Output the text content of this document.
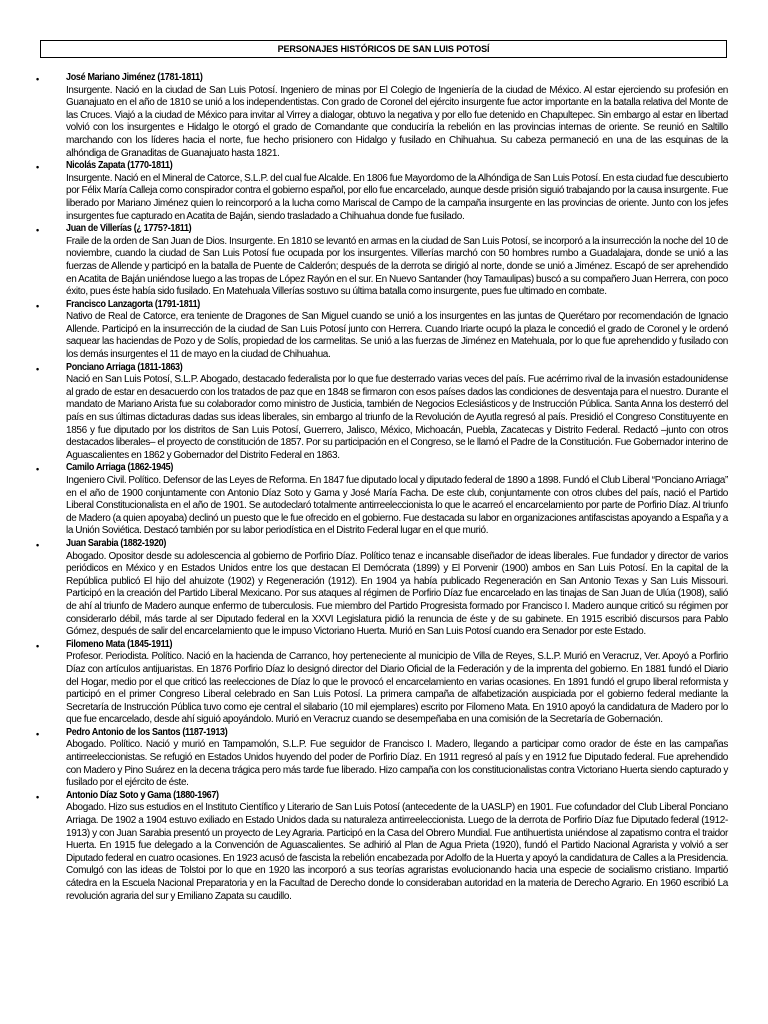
PERSONAJES HISTÓRICOS DE SAN LUIS POTOSÍ
•	José Mariano Jiménez (1781-1811)
Insurgente. Nació en la ciudad de San Luis Potosí. Ingeniero de minas por El Colegio de Ingeniería de la ciudad de México. Al estar ejerciendo su profesión en Guanajuato en el año de 1810 se unió a los independentistas. Con grado de Coronel del ejército insurgente fue actor importante en la batalla relativa del Monte de las Cruces. Viajó a la ciudad de México para invitar al Virrey a dialogar, obtuvo la negativa y por ello fue detenido en Chapultepec. Sin embargo al estar en libertad volvió con los insurgentes e Hidalgo le otorgó el grado de Comandante que conduciría la rebelión en las provincias internas de oriente. Se reunió en Saltillo marchando con los líderes hacia el norte, fue hecho prisionero con Hidalgo y fusilado en Chihuahua. Su cabeza permaneció en una de las esquinas de la alhóndiga de Granaditas de Guanajuato hasta 1821.
•	Nicolás Zapata (1770-1811)
Insurgente. Nació en el Mineral de Catorce, S.L.P. del cual fue Alcalde. En 1806 fue Mayordomo de la Alhóndiga de San Luis Potosí. En esta ciudad fue descubierto por Félix María Calleja como conspirador contra el gobierno español, por ello fue encarcelado, aunque desde prisión siguió trabajando por la causa insurgente. Fue liberado por Mariano Jiménez quien lo reincorporó a la lucha como Mariscal de Campo de la campaña insurgente en las provincias de oriente. Junto con los jefes insurgentes fue capturado en Acatita de Baján, siendo trasladado a Chihuahua donde fue fusilado.
•	Juan de Villerías (¿ 1775?-1811)
Fraile de la orden de San Juan de Dios. Insurgente. En 1810 se levantó en armas en la ciudad de San Luis Potosí, se incorporó a la insurrección la noche del 10 de noviembre, cuando la ciudad de San Luis Potosí fue ocupada por los insurgentes. Villerías marchó con 50 hombres rumbo a Guadalajara, donde se unió a las fuerzas de Allende y participó en la batalla de Puente de Calderón; después de la derrota se dirigió al norte, donde se unió a Jiménez. Escapó de ser aprehendido en Acatita de Baján uniéndose luego a las tropas de López Rayón en el sur. En Nuevo Santander (hoy Tamaulipas) buscó a su compañero Juan Herrera, con poco éxito, pues éste había sido fusilado. En Matehuala Villerías sostuvo su última batalla como insurgente, pues fue ultimado en combate.
•	Francisco Lanzagorta (1791-1811)
Nativo de Real de Catorce, era teniente de Dragones de San Miguel cuando se unió a los insurgentes en las juntas de Querétaro por recomendación de Ignacio Allende. Participó en la insurrección de la ciudad de San Luis Potosí junto con Herrera. Cuando Iriarte ocupó la plaza le concedió el grado de Coronel y le ordenó saquear las haciendas de Pozo y de Solís, propiedad de los carmelitas. Se unió a las fuerzas de Jiménez en Matehuala, por lo que fue aprehendido y fusilado con los demás insurgentes el 11 de mayo en la ciudad de Chihuahua.
•	Ponciano Arriaga (1811-1863)
Nació en San Luis Potosí, S.L.P. Abogado, destacado federalista por lo que fue desterrado varias veces del país. Fue acérrimo rival de la invasión estadounidense al grado de estar en desacuerdo con los tratados de paz que en 1848 se firmaron con esos países dados las condiciones de desventaja para el nuestro. Durante el mandato de Mariano Arista fue su colaborador como ministro de Justicia, también de Negocios Eclesiásticos y de Instrucción Pública. Santa Anna los desterró del país en sus últimas dictaduras dadas sus ideas liberales, sin embargo al triunfo de la Revolución de Ayutla regresó al país. Presidió el Congreso Constituyente en 1856 y fue diputado por los distritos de San Luis Potosí, Guerrero, Jalisco, México, Michoacán, Puebla, Zacatecas y Distrito Federal. Redactó –junto con otros destacados liberales– el proyecto de constitución de 1857. Por su participación en el Congreso, se le llamó el Padre de la Constitución. Fue Gobernador interino de Aguascalientes en 1862 y Gobernador del Distrito Federal en 1863.
•	Camilo Arriaga (1862-1945)
Ingeniero Civil. Político. Defensor de las Leyes de Reforma. En 1847 fue diputado local y diputado federal de 1890 a 1898. Fundó el Club Liberal “Ponciano Arriaga” en el año de 1900 conjuntamente con Antonio Díaz Soto y Gama y José María Facha. De este club, conjuntamente con otros clubes del país, nació el Partido Liberal Constitucionalista en el año de 1901. Se autodeclaró totalmente antirreeleccionista lo que le acarreó el encarcelamiento por parte de Porfirio Díaz. Al triunfo de Madero (a quien apoyaba) declinó un puesto que le fue ofrecido en el gobierno. Fue destacada su labor en organizaciones antifascistas apoyando a España y a la Unión Soviética. Destacó también por su labor periodística en el Distrito Federal lugar en el que murió.
•	Juan Sarabia (1882-1920)
Abogado. Opositor desde su adolescencia al gobierno de Porfirio Díaz. Político tenaz e incansable diseñador de ideas liberales. Fue fundador y director de varios periódicos en México y en Estados Unidos entre los que destacan El Demócrata (1899) y El Porvenir (1900) ambos en San Luis Potosí. En la capital de la República publicó El hijo del ahuizote (1902) y Regeneración (1912). En 1904 ya había publicado Regeneración en San Antonio Texas y San Luis Missouri. Participó en la creación del Partido Liberal Mexicano. Por sus ataques al régimen de Porfirio Díaz fue encarcelado en las tinajas de San Juan de Ulúa (1908), salió de ahí al triunfo de Madero aunque enfermo de tuberculosis. Fue miembro del Partido Progresista formado por Francisco I. Madero aunque criticó su régimen por considerarlo débil, más tarde al ser Diputado federal en la XXVI Legislatura pidió la renuncia de éste y de su gabinete. En 1915 escribió discursos para Pablo Gómez, después de salir del encarcelamiento que le impuso Victoriano Huerta. Murió en San Luis Potosí cuando era Senador por este Estado.
•	Filomeno Mata (1845-1911)
Profesor. Periodista. Político. Nació en la hacienda de Carranco, hoy perteneciente al municipio de Villa de Reyes, S.L.P. Murió en Veracruz, Ver. Apoyó a Porfirio Díaz con artículos antijuaristas. En 1876 Porfirio Díaz lo designó director del Diario Oficial de la Federación y de la imprenta del gobierno. En 1881 fundó el Diario del Hogar, medio por el que criticó las reelecciones de Díaz lo que le provocó el encarcelamiento en varias ocasiones. En 1891 fundó el grupo liberal reformista y participó en el primer Congreso Liberal celebrado en San Luis Potosí. La primera campaña de alfabetización auspiciada por el gobierno federal mediante la Secretaría de Instrucción Pública tuvo como eje central el silabario (10 mil ejemplares) escrito por Filomeno Mata. En 1910 apoyó la candidatura de Madero por lo que fue encarcelado, desde ahí siguió apoyándolo. Murió en Veracruz cuando se desempeñaba en una comisión de la Secretaría de Gobernación.
•	Pedro Antonio de los Santos (1187-1913)
Abogado. Político. Nació y murió en Tampamolón, S.L.P. Fue seguidor de Francisco I. Madero, llegando a participar como orador de éste en las campañas antirreeleccionistas. Se refugió en Estados Unidos huyendo del poder de Porfirio Díaz. En 1911 regresó al país y en 1912 fue Diputado federal. Fue aprehendido con Madero y Pino Suárez en la decena trágica pero más tarde fue liberado. Hizo campaña con los constitucionalistas contra Victoriano Huerta siendo capturado y fusilado por el ejército de éste.
•	Antonio Díaz Soto y Gama (1880-1967)
Abogado. Hizo sus estudios en el Instituto Científico y Literario de San Luis Potosí (antecedente de la UASLP) en 1901. Fue cofundador del Club Liberal Ponciano Arriaga. De 1902 a 1904 estuvo exiliado en Estado Unidos dada su naturaleza antirreeleccionista. Luego de la derrota de Porfirio Díaz fue Diputado federal (1912-1913) y con Juan Sarabia presentó un proyecto de Ley Agraria. Participó en la Casa del Obrero Mundial. Fue antihuertista uniéndose al zapatismo contra el traidor Huerta. En 1915 fue delegado a la Convención de Aguascalientes. Se adhirió al Plan de Agua Prieta (1920), fundó el Partido Nacional Agrarista y volvió a ser Diputado federal en cuatro ocasiones. En 1923 acusó de fascista la rebelión encabezada por Adolfo de la Huerta y apoyó la candidatura de Calles a la Presidencia. Comulgó con las ideas de Tolstoi por lo que en 1920 las incorporó a sus teorías agraristas evolucionando hacia una especie de socialismo cristiano. Impartió cátedra en la Escuela Nacional Preparatoria y en la Facultad de Derecho donde lo consideraban autoridad en la materia de Derecho Agrario. En 1960 escribió La revolución agraria del sur y Emiliano Zapata su caudillo.
